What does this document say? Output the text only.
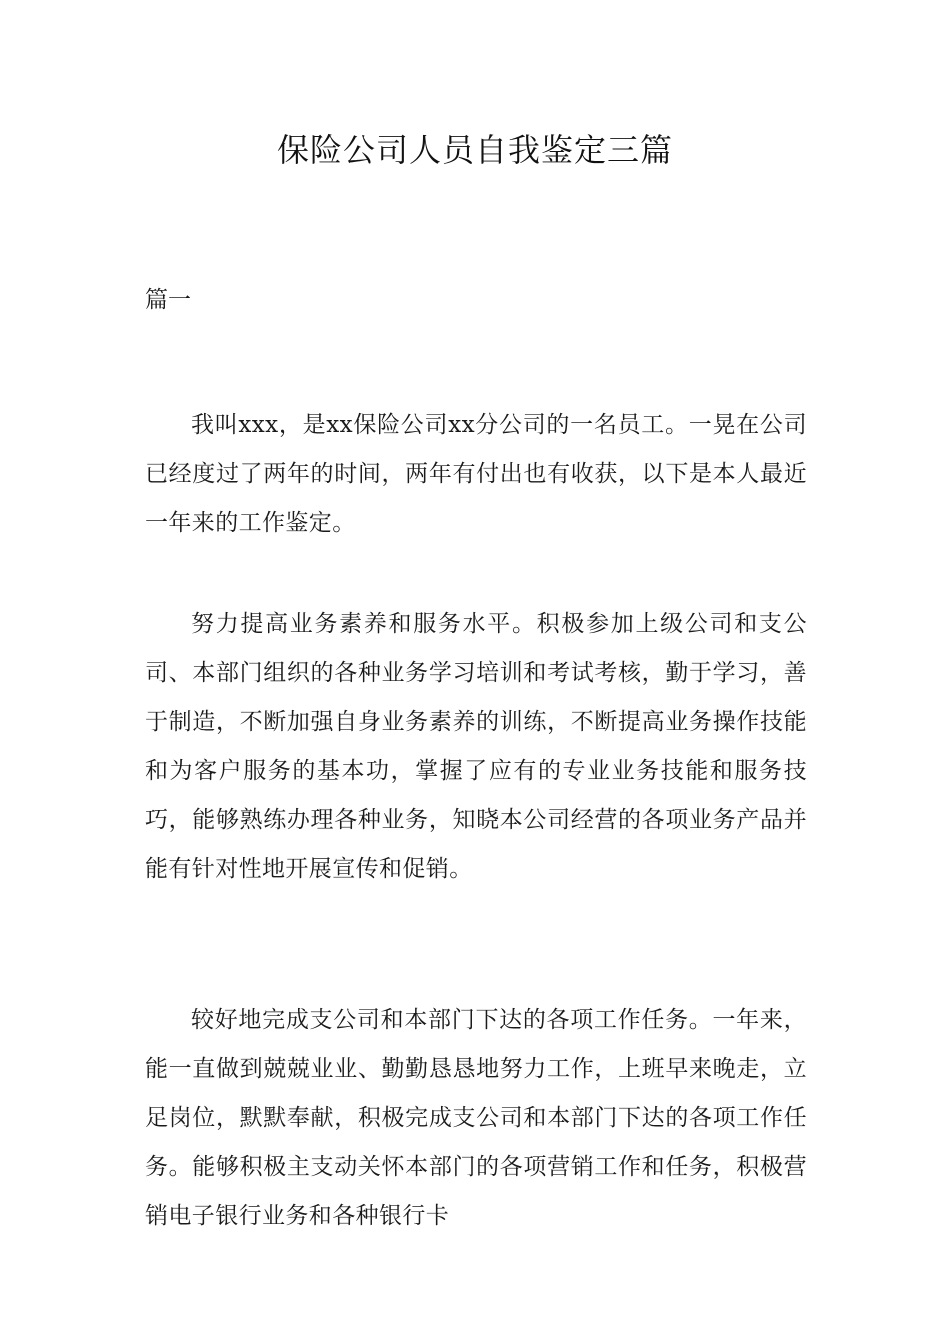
保险公司人员自我鉴定三篇
篇一

我叫xxx，是xx保险公司xx分公司的一名员工。一晃在公司已经度过了两年的时间，两年有付出也有收获，以下是本人最近一年来的工作鉴定。

努力提高业务素养和服务水平。积极参加上级公司和支公司、本部门组织的各种业务学习培训和考试考核，勤于学习，善于制造，不断加强自身业务素养的训练，不断提高业务操作技能和为客户服务的基本功，掌握了应有的专业业务技能和服务技巧，能够熟练办理各种业务，知晓本公司经营的各项业务产品并能有针对性地开展宣传和促销。

较好地完成支公司和本部门下达的各项工作任务。一年来，能一直做到兢兢业业、勤勤恳恳地努力工作，上班早来晚走，立足岗位，默默奉献，积极完成支公司和本部门下达的各项工作任务。能够积极主支动关怀本部门的各项营销工作和任务，积极营销电子银行业务和各种银行卡
